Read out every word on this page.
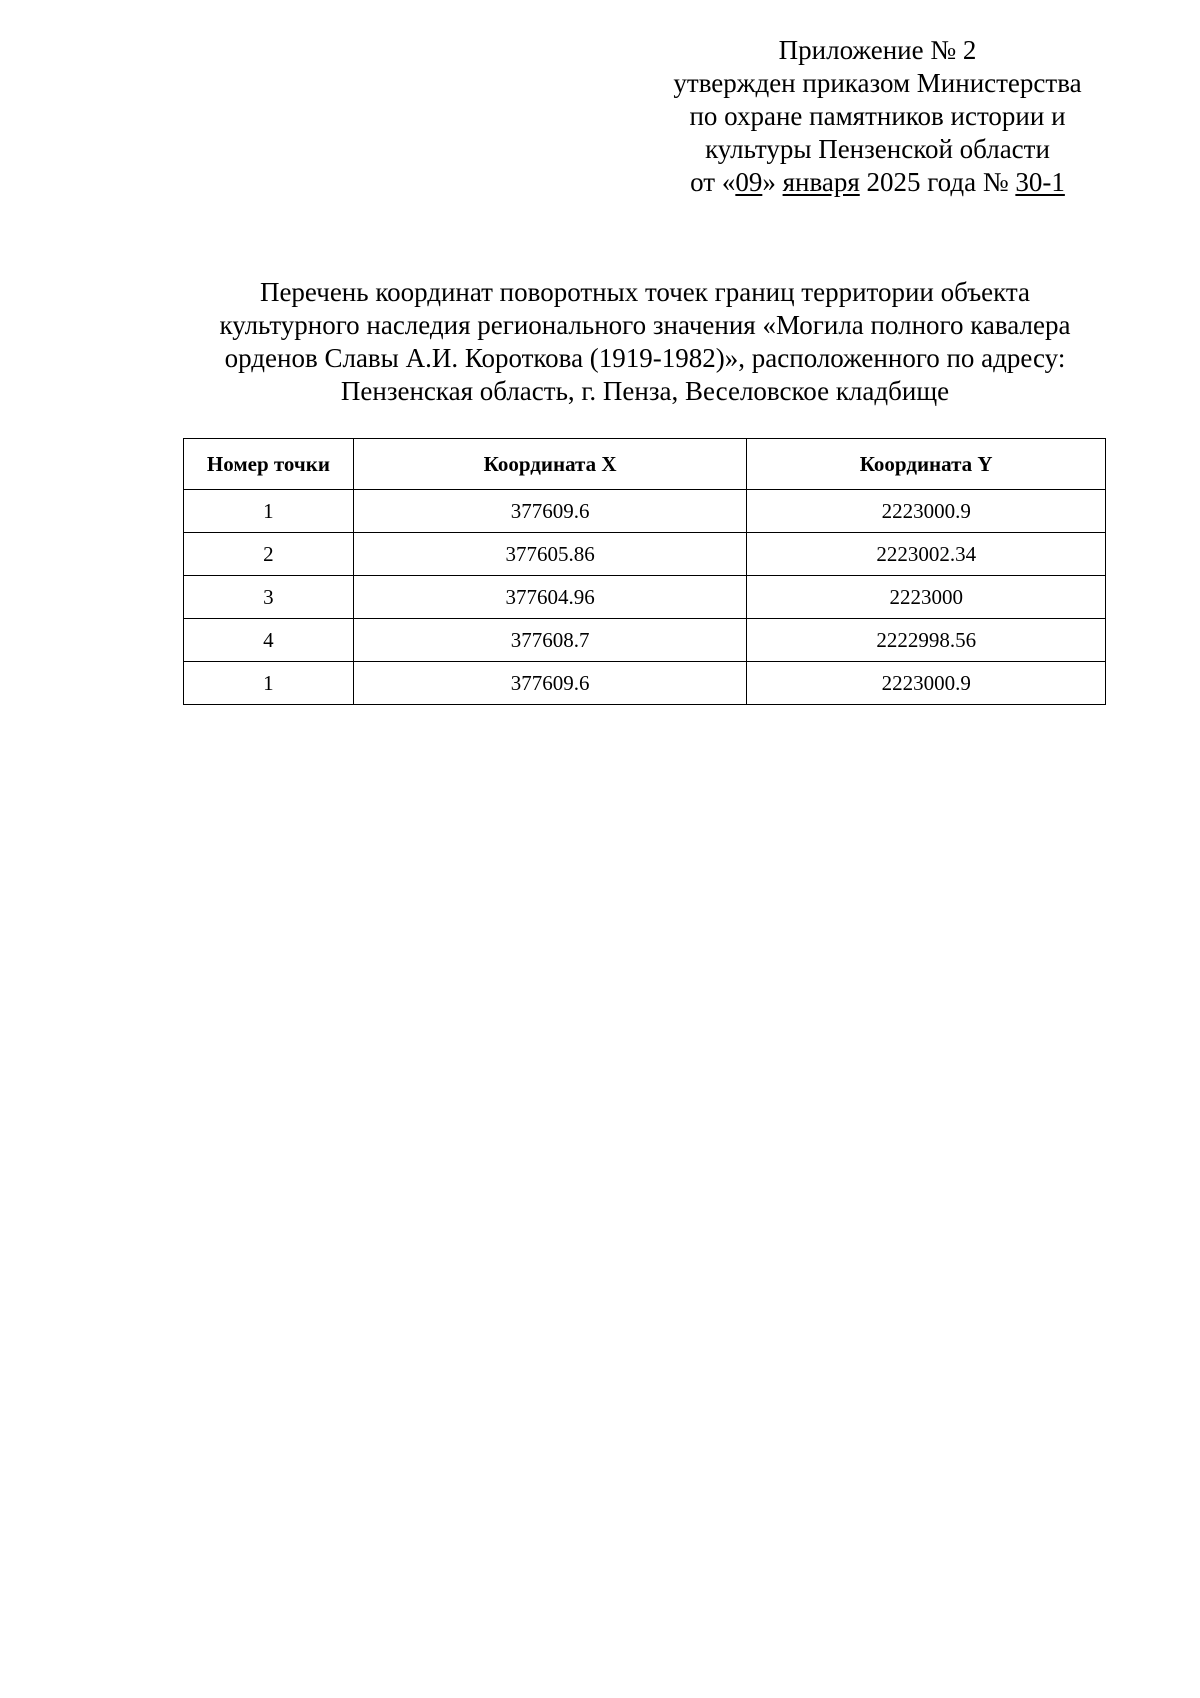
Приложение № 2
утвержден приказом Министерства
по охране памятников истории и
культуры Пензенской области
от «09» января 2025 года № 30-1
Перечень координат поворотных точек границ территории объекта
культурного наследия регионального значения «Могила полного кавалера
орденов Славы А.И. Короткова (1919-1982)», расположенного по адресу:
Пензенская область, г. Пенза, Веселовское кладбище
Номер точки	Координата X	Координата Y
1	377609.6	2223000.9
2	377605.86	2223002.34
3	377604.96	2223000
4	377608.7	2222998.56
1	377609.6	2223000.9
